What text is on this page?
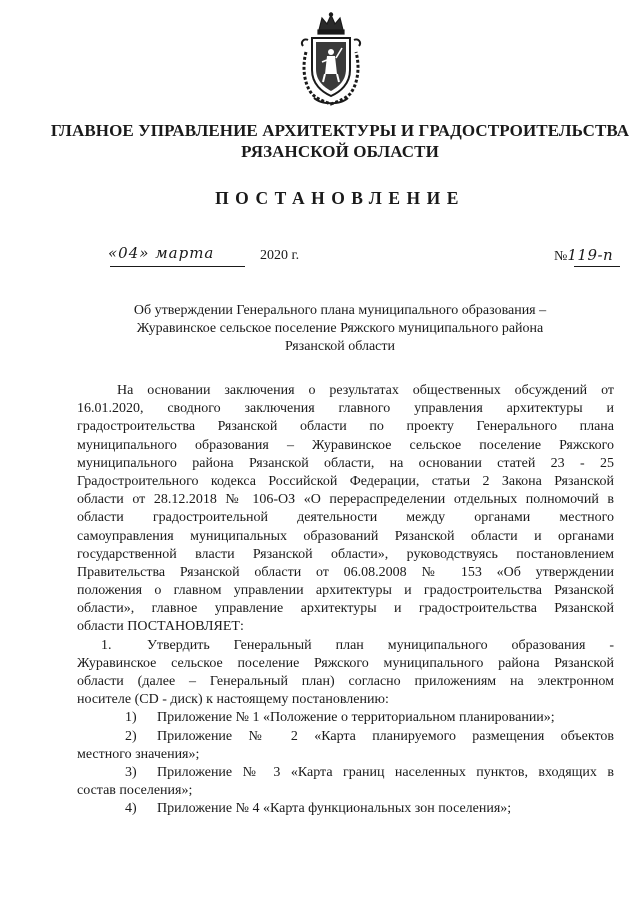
ГЛАВНОЕ УПРАВЛЕНИЕ АРХИТЕКТУРЫ И ГРАДОСТРОИТЕЛЬСТВА
РЯЗАНСКОЙ ОБЛАСТИ
ПОСТАНОВЛЕНИЕ
«04» марта	2020 г.	№119-п
Об утверждении Генерального плана муниципального образования –
Журавинское сельское поселение Ряжского муниципального района
Рязанской области
На основании заключения о результатах общественных обсуждений от
16.01.2020, сводного заключения главного управления архитектуры и
градостроительства Рязанской области по проекту Генерального плана
муниципального образования – Журавинское сельское поселение Ряжского
муниципального района Рязанской области, на основании статей 23 - 25
Градостроительного кодекса Российской Федерации, статьи 2 Закона Рязанской
области от 28.12.2018 № 106-ОЗ «О перераспределении отдельных полномочий в
области градостроительной деятельности между органами местного
самоуправления муниципальных образований Рязанской области и органами
государственной власти Рязанской области», руководствуясь постановлением
Правительства Рязанской области от 06.08.2008 № 153 «Об утверждении
положения о главном управлении архитектуры и градостроительства Рязанской
области», главное управление архитектуры и градостроительства Рязанской
области ПОСТАНОВЛЯЕТ:
1.	Утвердить Генеральный план муниципального образования -
Журавинское сельское поселение Ряжского муниципального района Рязанской
области (далее – Генеральный план) согласно приложениям на электронном
носителе (CD - диск) к настоящему постановлению:
1) Приложение № 1 «Положение о территориальном планировании»;
2) Приложение № 2 «Карта планируемого размещения объектов
местного значения»;
3) Приложение № 3 «Карта границ населенных пунктов, входящих в
состав поселения»;
4) Приложение № 4 «Карта функциональных зон поселения»;
